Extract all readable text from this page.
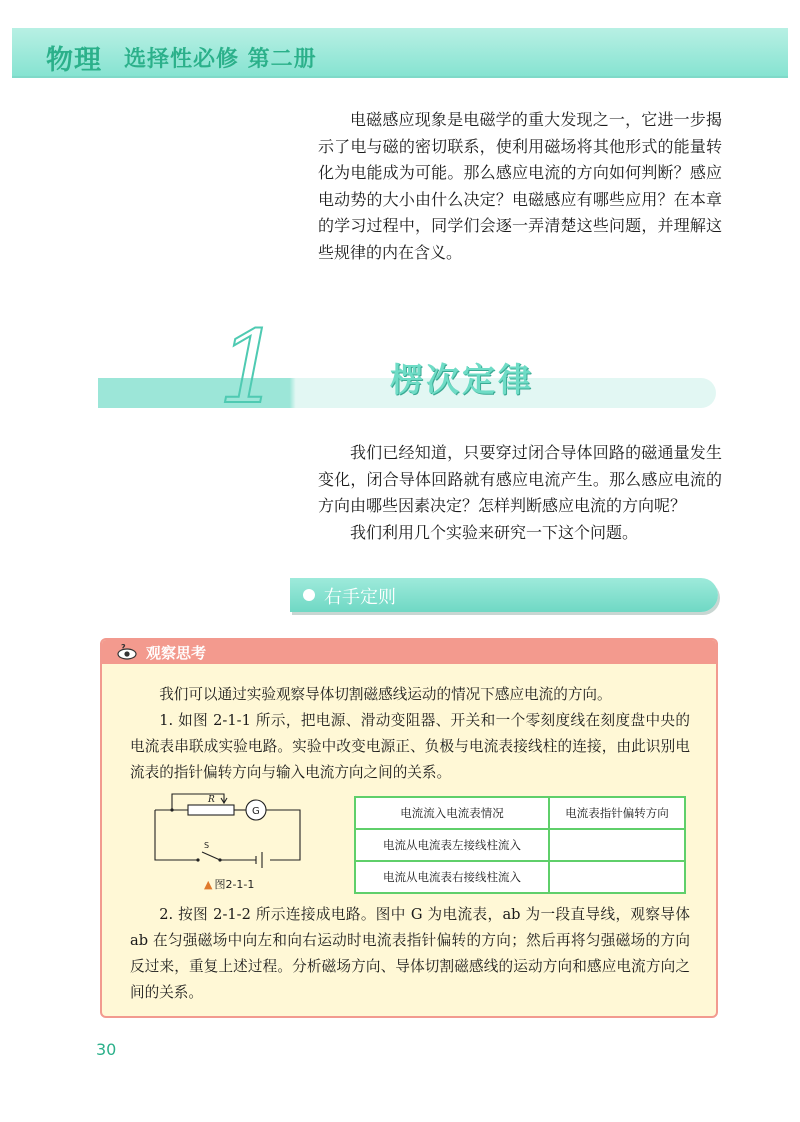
物理 选择性必修 第二册

电磁感应现象是电磁学的重大发现之一，它进一步揭示了电与磁的密切联系，使利用磁场将其他形式的能量转化为电能成为可能。那么感应电流的方向如何判断？感应电动势的大小由什么决定？电磁感应有哪些应用？在本章的学习过程中，同学们会逐一弄清楚这些问题，并理解这些规律的内在含义。

1	楞次定律

我们已经知道，只要穿过闭合导体回路的磁通量发生变化，闭合导体回路就有感应电流产生。那么感应电流的方向由哪些因素决定？怎样判断感应电流的方向呢？

我们利用几个实验来研究一下这个问题。

右手定则
? 观察思考

我们可以通过实验观察导体切割磁感线运动的情况下感应电流的方向。

1. 如图 2-1-1 所示，把电源、滑动变阻器、开关和一个零刻度线在刻度盘中央的电流表串联成实验电路。实验中改变电源正、负极与电流表接线柱的连接，由此识别电流表的指针偏转方向与输入电流方向之间的关系。

R
G
S
▲ 图2-1-1
电流流入电流表情况	电流表指针偏转方向
电流从电流表左接线柱流入	
电流从电流表右接线柱流入	

2. 按图 2-1-2 所示连接成电路。图中 G 为电流表，ab 为一段直导线，观察导体 ab 在匀强磁场中向左和向右运动时电流表指针偏转的方向；然后再将匀强磁场的方向反过来，重复上述过程。分析磁场方向、导体切割磁感线的运动方向和感应电流方向之间的关系。

30
